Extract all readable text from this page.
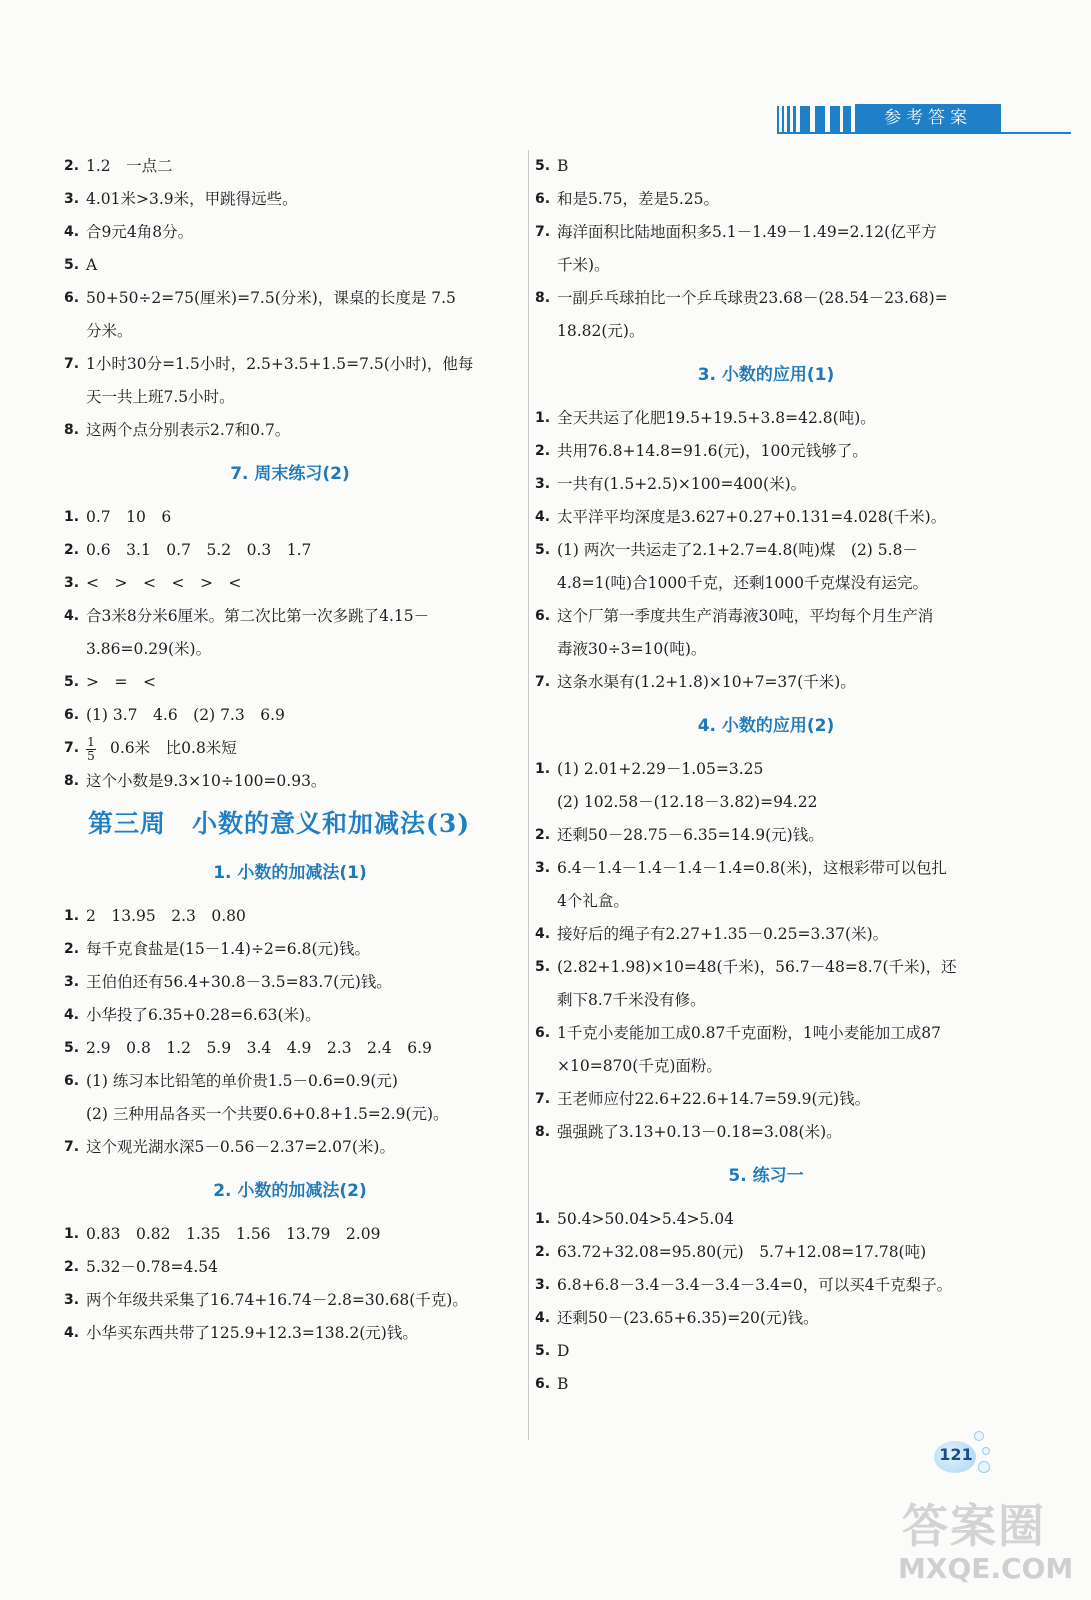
参考答案
2. 1.2　一点二
3. 4.01米>3.9米，甲跳得远些。
4. 合9元4角8分。
5. A
6. 50+50÷2=75(厘米)=7.5(分米)，课桌的长度是 7.5
分米。
7. 1小时30分=1.5小时，2.5+3.5+1.5=7.5(小时)，他每
天一共上班7.5小时。
8. 这两个点分别表示2.7和0.7。
7. 周末练习(2)
1. 0.7　10　6
2. 0.6　3.1　0.7　5.2　0.3　1.7
3. <　>　<　<　>　<
4. 合3米8分米6厘米。第二次比第一次多跳了4.15－
3.86=0.29(米)。
5. >　=　<
6. (1) 3.7　4.6　(2) 7.3　6.9
7. $\frac{1}{5} 0.6$米　比0.8米短
8. 这个小数是9.3×10÷100=0.93。
第三周　小数的意义和加减法(3)
1. 小数的加减法(1)
1. 2　13.95　2.3　0.80
2. 每千克食盐是(15－1.4)÷2=6.8(元)钱。
3. 王伯伯还有56.4+30.8－3.5=83.7(元)钱。
4. 小华投了6.35+0.28=6.63(米)。
5. 2.9　0.8　1.2　5.9　3.4　4.9　2.3　2.4　6.9
6. (1) 练习本比铅笔的单价贵1.5－0.6=0.9(元)
(2) 三种用品各买一个共要0.6+0.8+1.5=2.9(元)。
7. 这个观光湖水深5－0.56－2.37=2.07(米)。
2. 小数的加减法(2)
1. 0.83　0.82　1.35　1.56　13.79　2.09
2. 5.32－0.78=4.54
3. 两个年级共采集了16.74+16.74－2.8=30.68(千克)。
4. 小华买东西共带了125.9+12.3=138.2(元)钱。
5. B
6. 和是5.75，差是5.25。
7. 海洋面积比陆地面积多5.1－1.49－1.49=2.12(亿平方
千米)。
8. 一副乒乓球拍比一个乒乓球贵23.68－(28.54－23.68)=
18.82(元)。
3. 小数的应用(1)
1. 全天共运了化肥19.5+19.5+3.8=42.8(吨)。
2. 共用76.8+14.8=91.6(元)，100元钱够了。
3. 一共有(1.5+2.5)×100=400(米)。
4. 太平洋平均深度是3.627+0.27+0.131=4.028(千米)。
5. (1) 两次一共运走了2.1+2.7=4.8(吨)煤　(2) 5.8－
4.8=1(吨)合1000千克，还剩1000千克煤没有运完。
6. 这个厂第一季度共生产消毒液30吨，平均每个月生产消
毒液30÷3=10(吨)。
7. 这条水渠有(1.2+1.8)×10+7=37(千米)。
4. 小数的应用(2)
1. (1) 2.01+2.29－1.05=3.25
(2) 102.58－(12.18－3.82)=94.22
2. 还剩50－28.75－6.35=14.9(元)钱。
3. 6.4－1.4－1.4－1.4－1.4=0.8(米)，这根彩带可以包扎
4个礼盒。
4. 接好后的绳子有2.27+1.35－0.25=3.37(米)。
5. (2.82+1.98)×10=48(千米)，56.7－48=8.7(千米)，还
剩下8.7千米没有修。
6. 1千克小麦能加工成0.87千克面粉，1吨小麦能加工成87
×10=870(千克)面粉。
7. 王老师应付22.6+22.6+14.7=59.9(元)钱。
8. 强强跳了3.13+0.13－0.18=3.08(米)。
5. 练习一
1. 50.4>50.04>5.4>5.04
2. 63.72+32.08=95.80(元)　5.7+12.08=17.78(吨)
3. 6.8+6.8－3.4－3.4－3.4－3.4=0，可以买4千克梨子。
4. 还剩50－(23.65+6.35)=20(元)钱。
5. D
6. B
121
答案圈
MXQE.COM
